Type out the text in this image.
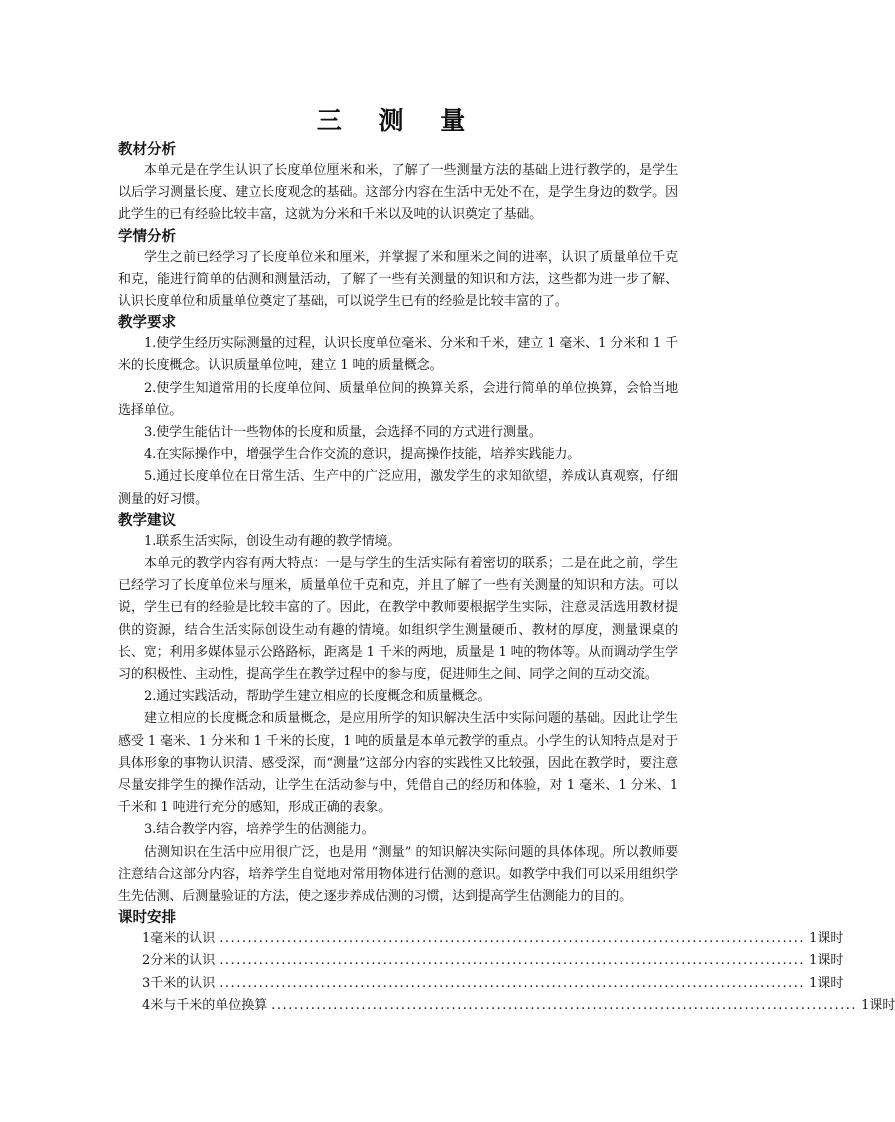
三 测 量
教材分析

本单元是在学生认识了长度单位厘米和米，了解了一些测量方法的基础上进行教学的，是学生以后学习测量长度、建立长度观念的基础。这部分内容在生活中无处不在，是学生身边的数学。因此学生的已有经验比较丰富，这就为分米和千米以及吨的认识奠定了基础。

学情分析

学生之前已经学习了长度单位米和厘米，并掌握了米和厘米之间的进率，认识了质量单位千克和克，能进行简单的估测和测量活动，了解了一些有关测量的知识和方法，这些都为进一步了解、认识长度单位和质量单位奠定了基础，可以说学生已有的经验是比较丰富的了。

教学要求

1.使学生经历实际测量的过程，认识长度单位毫米、分米和千米，建立 1 毫米、1 分米和 1 千米的长度概念。认识质量单位吨，建立 1 吨的质量概念。

2.使学生知道常用的长度单位间、质量单位间的换算关系，会进行简单的单位换算，会恰当地选择单位。

3.使学生能估计一些物体的长度和质量，会选择不同的方式进行测量。

4.在实际操作中，增强学生合作交流的意识，提高操作技能，培养实践能力。

5.通过长度单位在日常生活、生产中的广泛应用，激发学生的求知欲望，养成认真观察，仔细测量的好习惯。

教学建议

1.联系生活实际，创设生动有趣的教学情境。

本单元的教学内容有两大特点：一是与学生的生活实际有着密切的联系；二是在此之前，学生已经学习了长度单位米与厘米，质量单位千克和克，并且了解了一些有关测量的知识和方法。可以说，学生已有的经验是比较丰富的了。因此，在教学中教师要根据学生实际，注意灵活选用教材提供的资源，结合生活实际创设生动有趣的情境。如组织学生测量硬币、教材的厚度，测量课桌的长、宽；利用多媒体显示公路路标，距离是 1 千米的两地，质量是 1 吨的物体等。从而调动学生学习的积极性、主动性，提高学生在教学过程中的参与度，促进师生之间、同学之间的互动交流。

2.通过实践活动，帮助学生建立相应的长度概念和质量概念。

建立相应的长度概念和质量概念，是应用所学的知识解决生活中实际问题的基础。因此让学生感受 1 毫米、1 分米和 1 千米的长度，1 吨的质量是本单元教学的重点。小学生的认知特点是对于具体形象的事物认识清、感受深，而“测量”这部分内容的实践性又比较强，因此在教学时，要注意尽量安排学生的操作活动，让学生在活动参与中，凭借自己的经历和体验，对 1 毫米、1 分米、1 千米和 1 吨进行充分的感知，形成正确的表象。

3.结合教学内容，培养学生的估测能力。

估测知识在生活中应用很广泛，也是用 “测量” 的知识解决实际问题的具体体现。所以教师要注意结合这部分内容，培养学生自觉地对常用物体进行估测的意识。如教学中我们可以采用组织学生先估测、后测量验证的方法，使之逐步养成估测的习惯，达到提高学生估测能力的目的。

课时安排
1 毫米的认识 ........................................................................................................ 1课时
2 分米的认识 ........................................................................................................ 1课时
3 千米的认识 ........................................................................................................ 1课时
4 米与千米的单位换算 ........................................................................................................ 1课时
